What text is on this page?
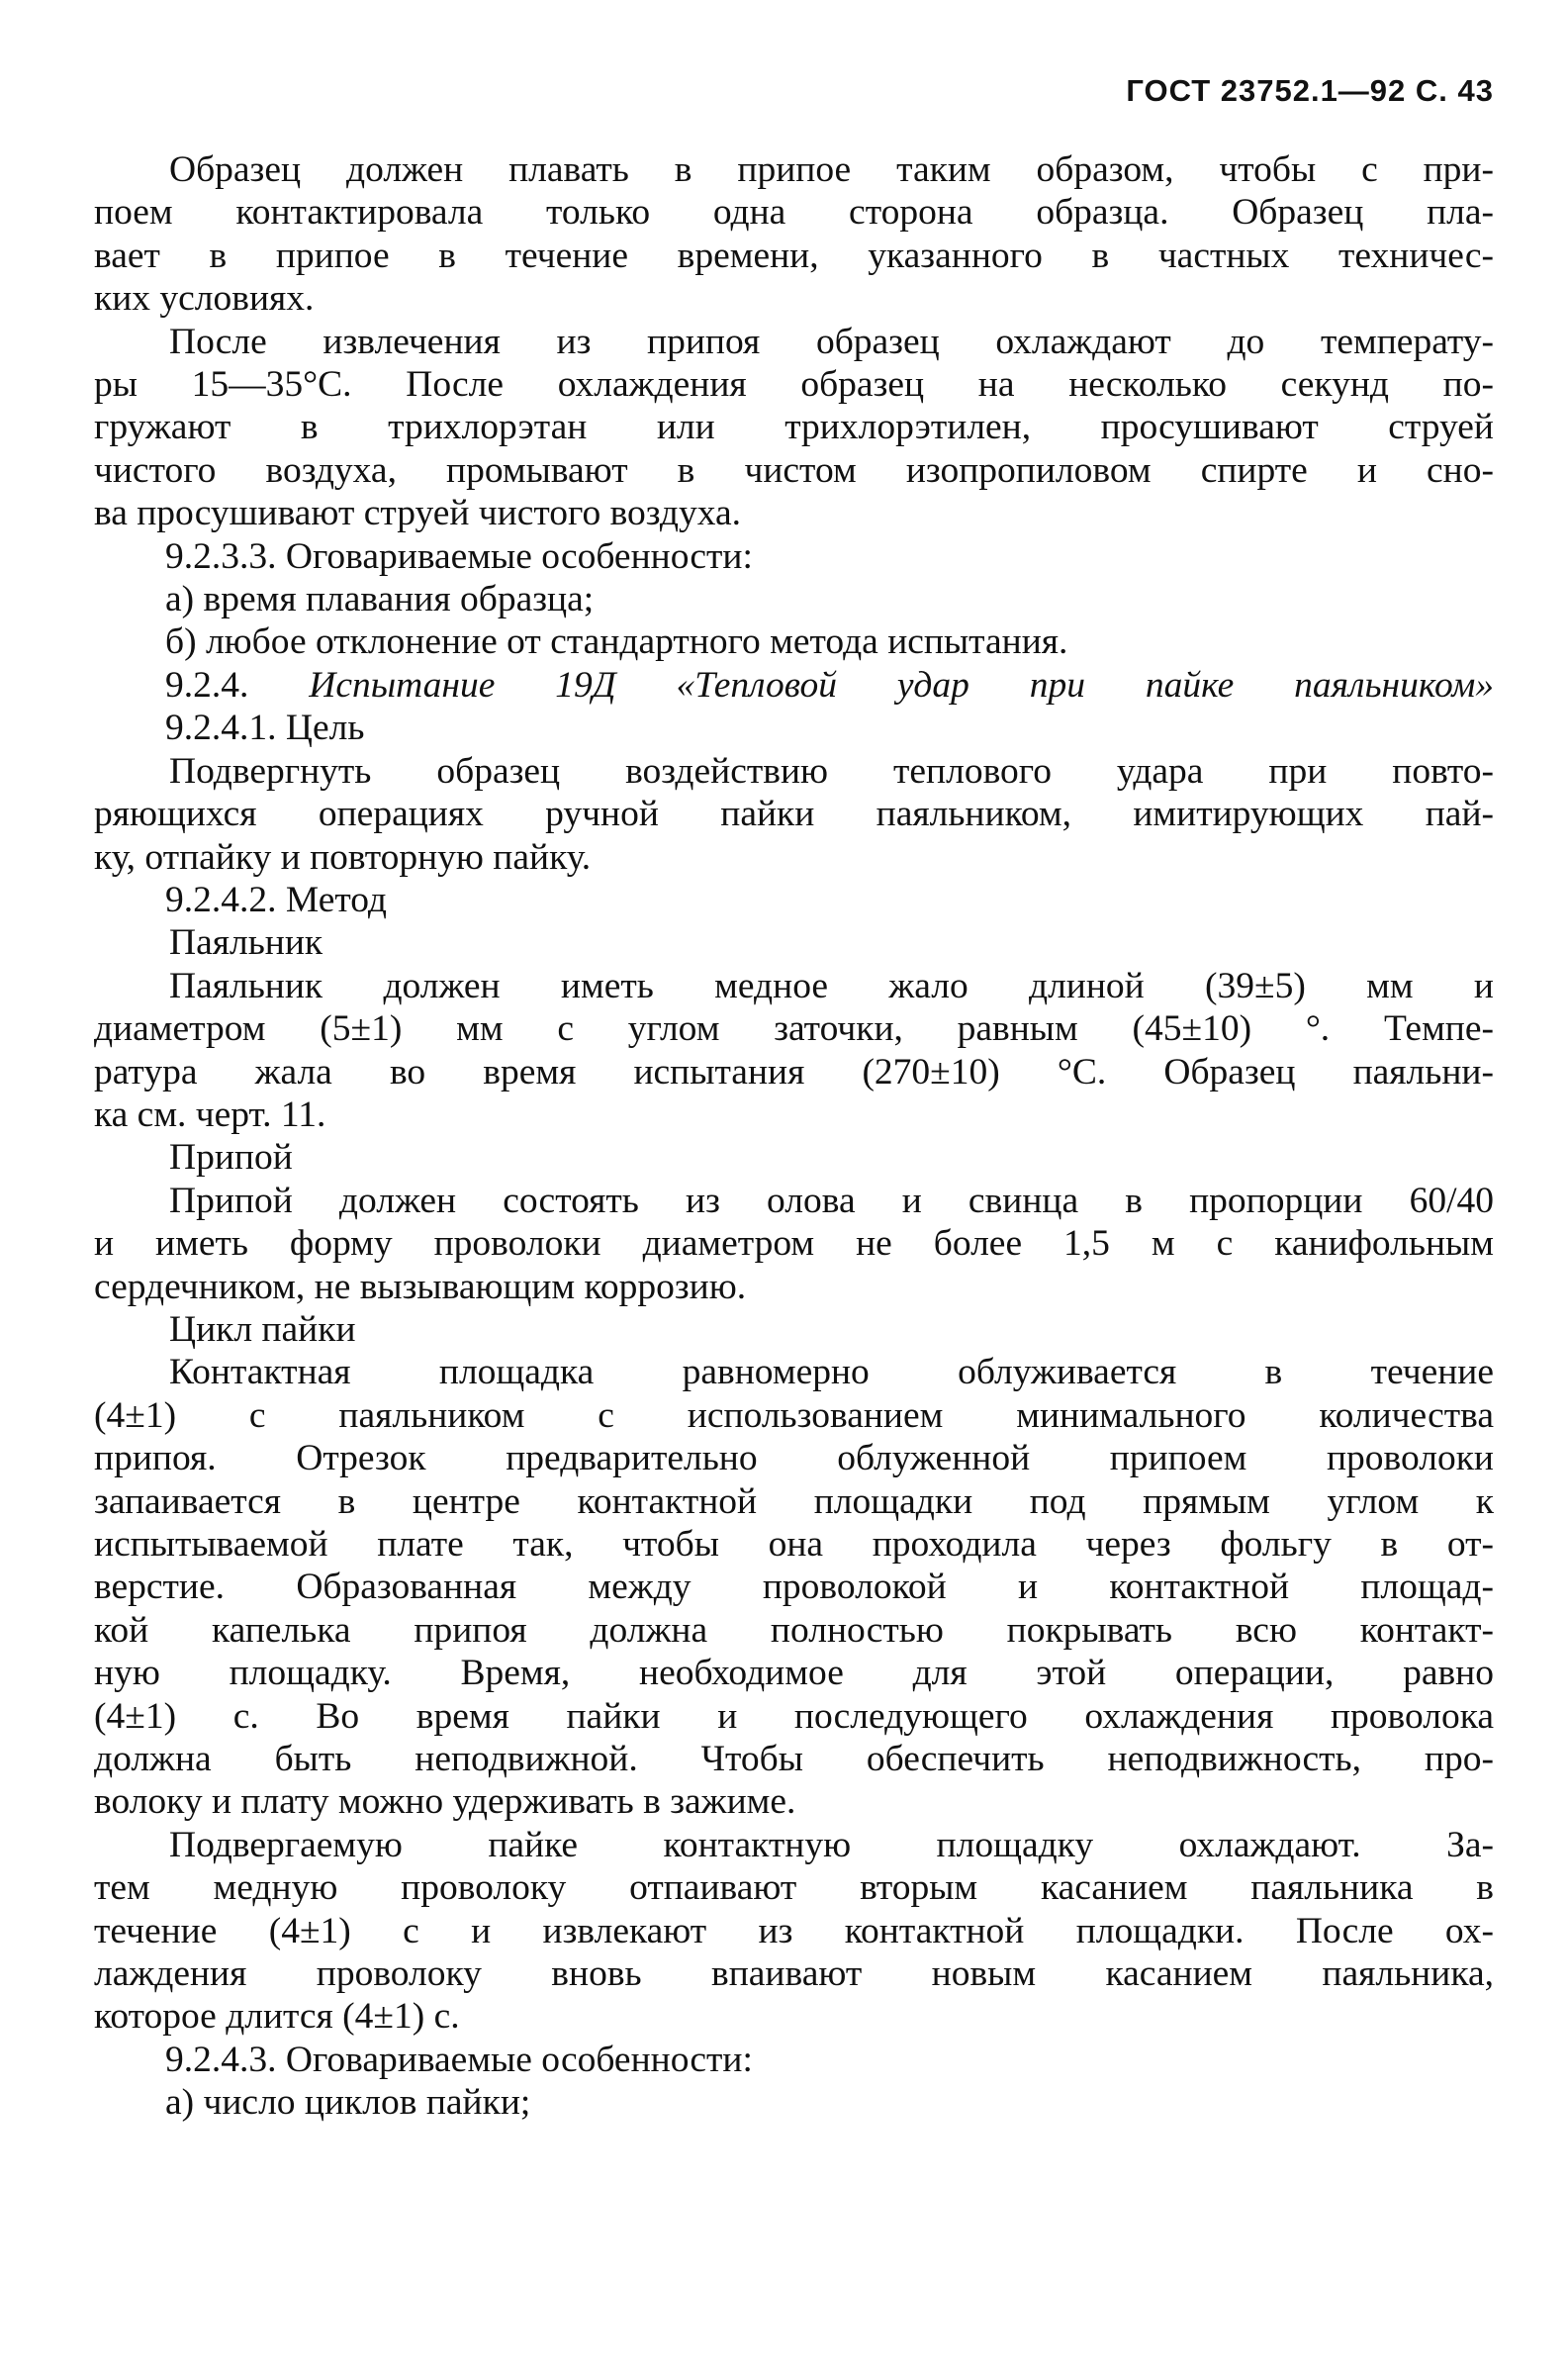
ГОСТ 23752.1—92 С. 43
Образец должен плавать в припое таким образом, чтобы с при-
поем контактировала только одна сторона образца. Образец пла-
вает в припое в течение времени, указанного в частных техничес-
ких условиях.
После извлечения из припоя образец охлаждают до температу-
ры 15—35°С. После охлаждения образец на несколько секунд по-
гружают в трихлорэтан или трихлорэтилен, просушивают струей
чистого воздуха, промывают в чистом изопропиловом спирте и сно-
ва просушивают струей чистого воздуха.
9.2.3.3. Оговариваемые особенности:
а) время плавания образца;
б) любое отклонение от стандартного метода испытания.
9.2.4. Испытание 19Д «Тепловой удар при пайке паяльником»
9.2.4.1. Цель
Подвергнуть образец воздействию теплового удара при повто-
ряющихся операциях ручной пайки паяльником, имитирующих пай-
ку, отпайку и повторную пайку.
9.2.4.2. Метод
Паяльник
Паяльник должен иметь медное жало длиной (39±5) мм и
диаметром (5±1) мм с углом заточки, равным (45±10) °. Темпе-
ратура жала во время испытания (270±10) °С. Образец паяльни-
ка см. черт. 11.
Припой
Припой должен состоять из олова и свинца в пропорции 60/40
и иметь форму проволоки диаметром не более 1,5 м с канифольным
сердечником, не вызывающим коррозию.
Цикл пайки
Контактная площадка равномерно облуживается в течение
(4±1) с паяльником с использованием минимального количества
припоя. Отрезок предварительно облуженной припоем проволоки
запаивается в центре контактной площадки под прямым углом к
испытываемой плате так, чтобы она проходила через фольгу в от-
верстие. Образованная между проволокой и контактной площад-
кой капелька припоя должна полностью покрывать всю контакт-
ную площадку. Время, необходимое для этой операции, равно
(4±1) с. Во время пайки и последующего охлаждения проволока
должна быть неподвижной. Чтобы обеспечить неподвижность, про-
волоку и плату можно удерживать в зажиме.
Подвергаемую пайке контактную площадку охлаждают. За-
тем медную проволоку отпаивают вторым касанием паяльника в
течение (4±1) с и извлекают из контактной площадки. После ох-
лаждения проволоку вновь впаивают новым касанием паяльника,
которое длится (4±1) с.
9.2.4.3. Оговариваемые особенности:
а) число циклов пайки;
